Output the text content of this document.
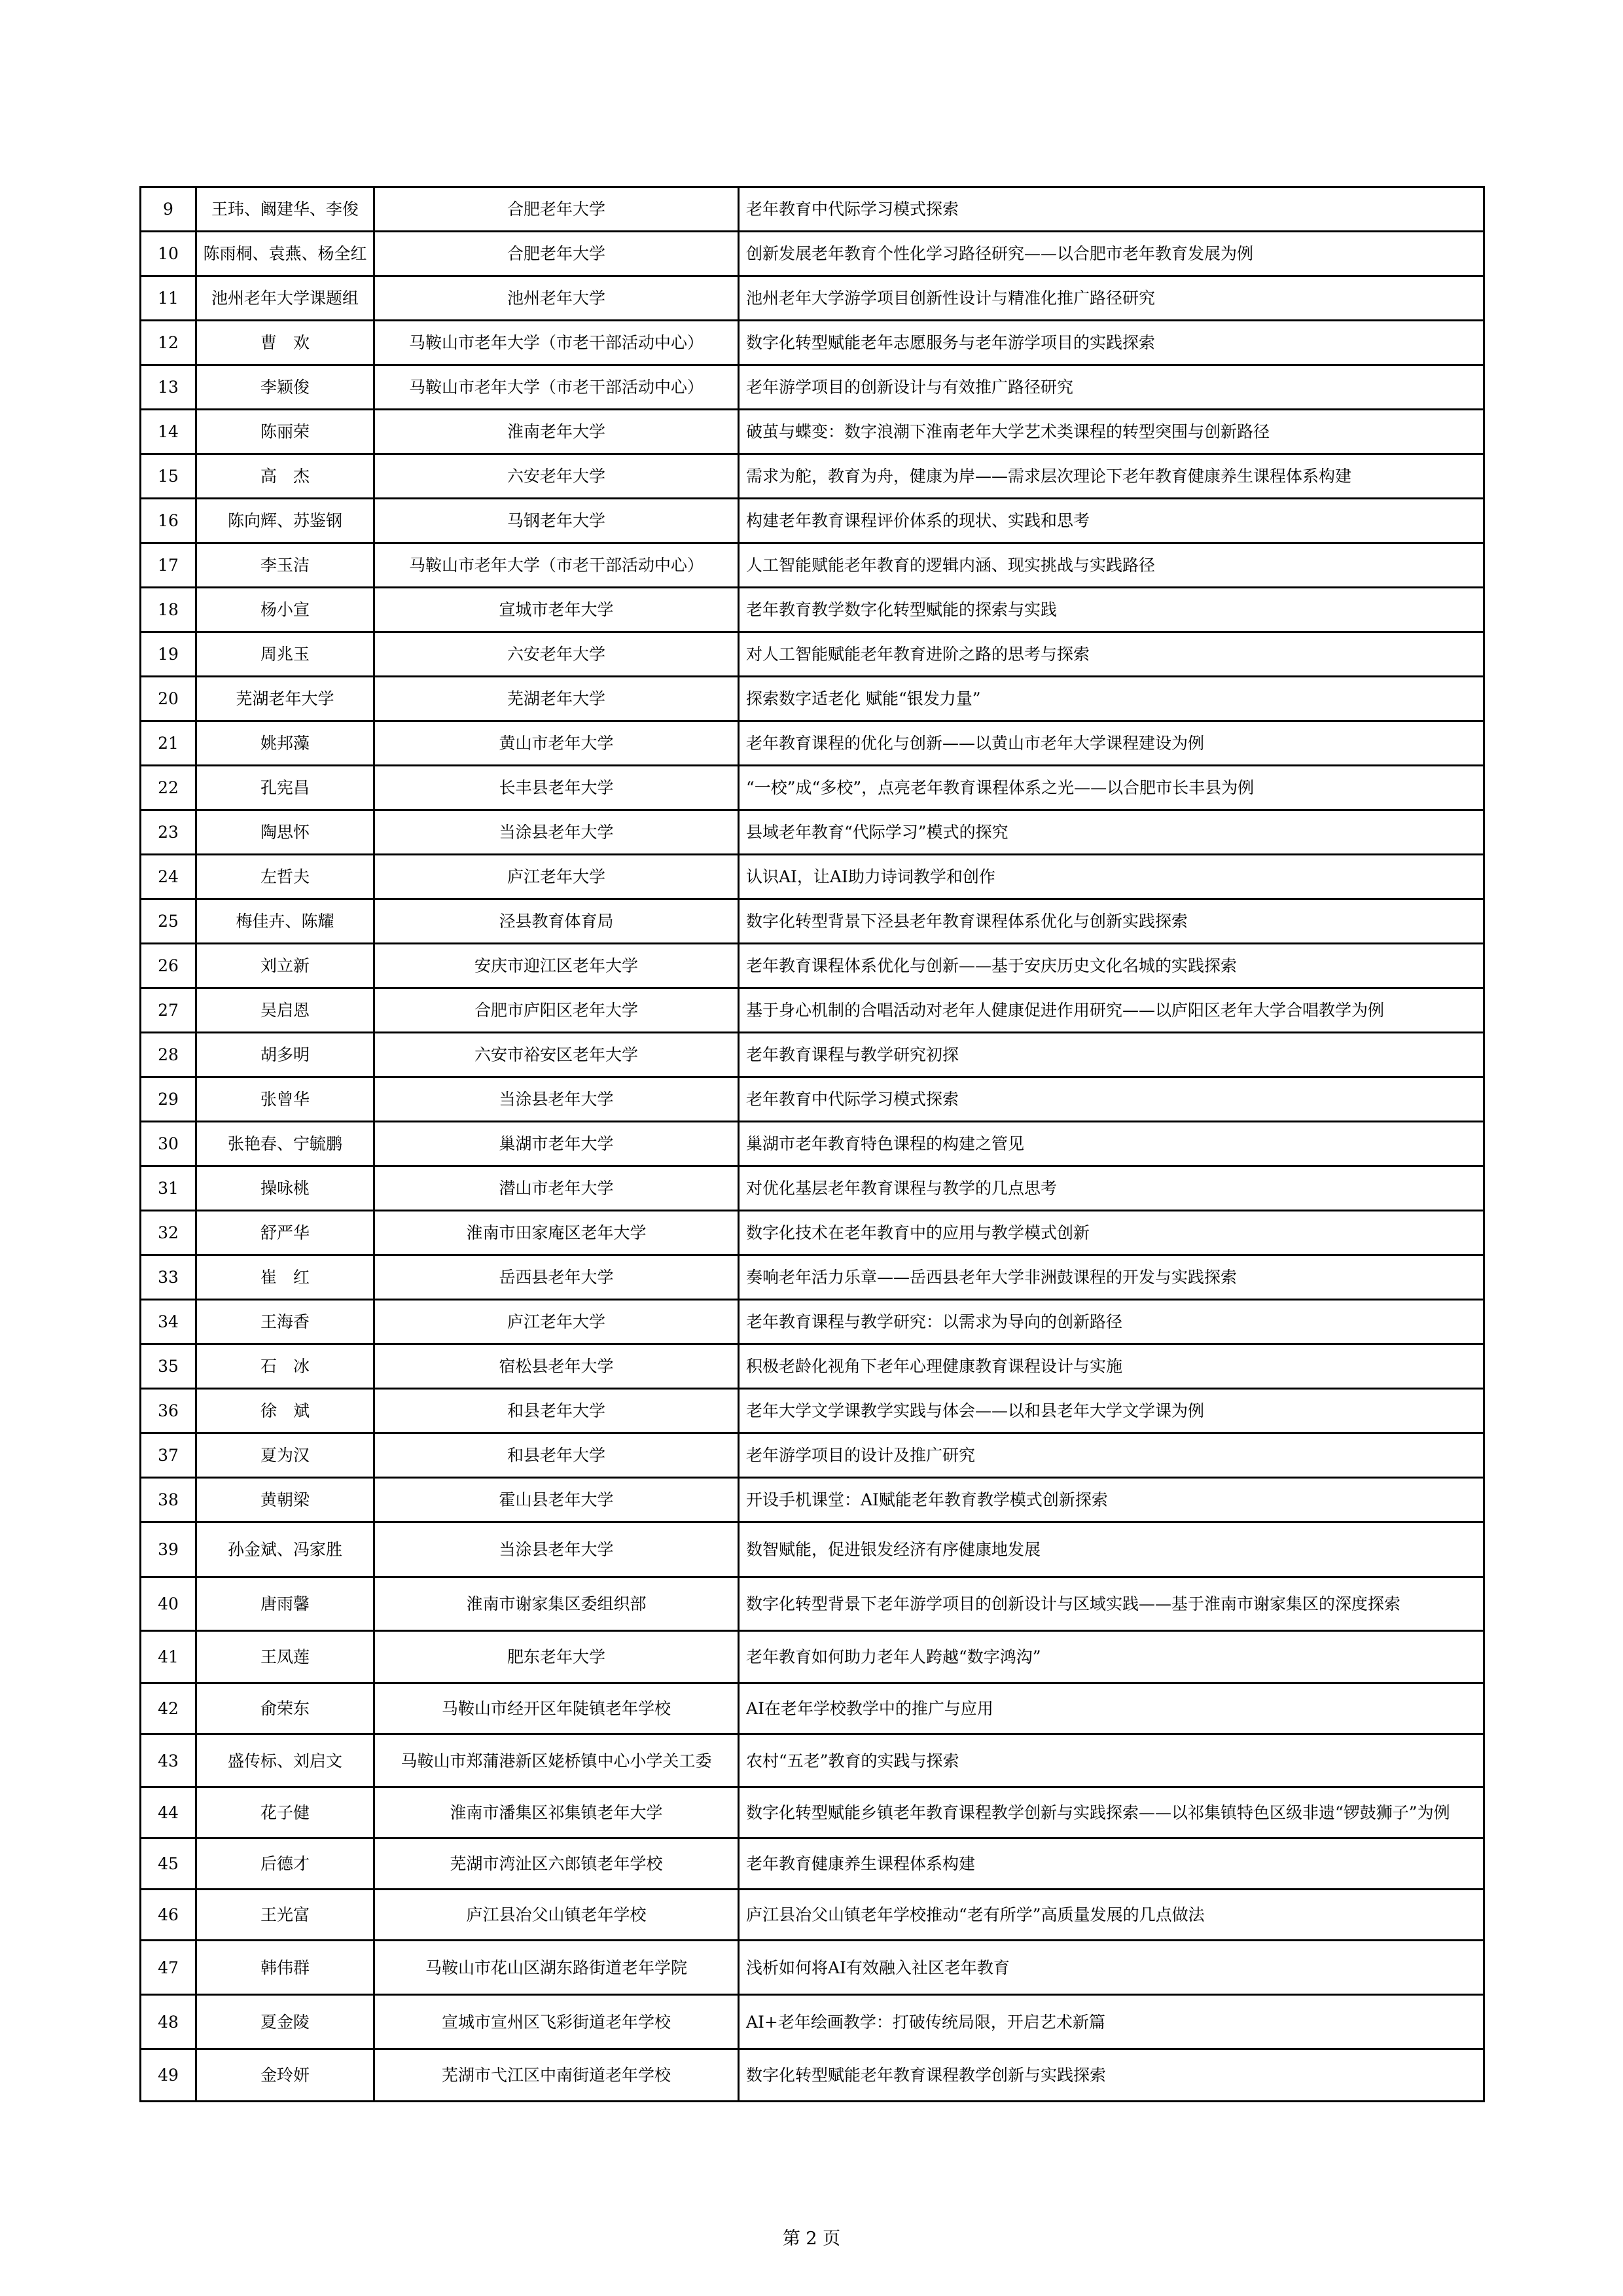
9	王玮、阚建华、李俊	合肥老年大学	老年教育中代际学习模式探索
10	陈雨桐、袁燕、杨全红	合肥老年大学	创新发展老年教育个性化学习路径研究——以合肥市老年教育发展为例
11	池州老年大学课题组	池州老年大学	池州老年大学游学项目创新性设计与精准化推广路径研究
12	曹　欢	马鞍山市老年大学（市老干部活动中心）	数字化转型赋能老年志愿服务与老年游学项目的实践探索
13	李颖俊	马鞍山市老年大学（市老干部活动中心）	老年游学项目的创新设计与有效推广路径研究
14	陈丽荣	淮南老年大学	破茧与蝶变：数字浪潮下淮南老年大学艺术类课程的转型突围与创新路径
15	高　杰	六安老年大学	需求为舵，教育为舟，健康为岸——需求层次理论下老年教育健康养生课程体系构建
16	陈向辉、苏鉴钢	马钢老年大学	构建老年教育课程评价体系的现状、实践和思考
17	李玉洁	马鞍山市老年大学（市老干部活动中心）	人工智能赋能老年教育的逻辑内涵、现实挑战与实践路径
18	杨小宣	宣城市老年大学	老年教育教学数字化转型赋能的探索与实践
19	周兆玉	六安老年大学	对人工智能赋能老年教育进阶之路的思考与探索
20	芜湖老年大学	芜湖老年大学	探索数字适老化 赋能“银发力量”
21	姚邦藻	黄山市老年大学	老年教育课程的优化与创新——以黄山市老年大学课程建设为例
22	孔宪昌	长丰县老年大学	“一校”成“多校”，点亮老年教育课程体系之光——以合肥市长丰县为例
23	陶思怀	当涂县老年大学	县域老年教育“代际学习”模式的探究
24	左哲夫	庐江老年大学	认识AI，让AI助力诗词教学和创作
25	梅佳卉、陈耀	泾县教育体育局	数字化转型背景下泾县老年教育课程体系优化与创新实践探索
26	刘立新	安庆市迎江区老年大学	老年教育课程体系优化与创新——基于安庆历史文化名城的实践探索
27	吴启恩	合肥市庐阳区老年大学	基于身心机制的合唱活动对老年人健康促进作用研究——以庐阳区老年大学合唱教学为例
28	胡多明	六安市裕安区老年大学	老年教育课程与教学研究初探
29	张曾华	当涂县老年大学	老年教育中代际学习模式探索
30	张艳春、宁毓鹏	巢湖市老年大学	巢湖市老年教育特色课程的构建之管见
31	操咏桃	潜山市老年大学	对优化基层老年教育课程与教学的几点思考
32	舒严华	淮南市田家庵区老年大学	数字化技术在老年教育中的应用与教学模式创新
33	崔　红	岳西县老年大学	奏响老年活力乐章——岳西县老年大学非洲鼓课程的开发与实践探索
34	王海香	庐江老年大学	老年教育课程与教学研究：以需求为导向的创新路径
35	石　冰	宿松县老年大学	积极老龄化视角下老年心理健康教育课程设计与实施
36	徐　斌	和县老年大学	老年大学文学课教学实践与体会——以和县老年大学文学课为例
37	夏为汉	和县老年大学	老年游学项目的设计及推广研究
38	黄朝梁	霍山县老年大学	开设手机课堂：AI赋能老年教育教学模式创新探索
39	孙金斌、冯家胜	当涂县老年大学	数智赋能，促进银发经济有序健康地发展
40	唐雨馨	淮南市谢家集区委组织部	数字化转型背景下老年游学项目的创新设计与区域实践——基于淮南市谢家集区的深度探索
41	王凤莲	肥东老年大学	老年教育如何助力老年人跨越“数字鸿沟”
42	俞荣东	马鞍山市经开区年陡镇老年学校	AI在老年学校教学中的推广与应用
43	盛传标、刘启文	马鞍山市郑蒲港新区姥桥镇中心小学关工委	农村“五老”教育的实践与探索
44	花子健	淮南市潘集区祁集镇老年大学	数字化转型赋能乡镇老年教育课程教学创新与实践探索——以祁集镇特色区级非遗“锣鼓狮子”为例
45	后德才	芜湖市湾沚区六郎镇老年学校	老年教育健康养生课程体系构建
46	王光富	庐江县冶父山镇老年学校	庐江县冶父山镇老年学校推动“老有所学”高质量发展的几点做法
47	韩伟群	马鞍山市花山区湖东路街道老年学院	浅析如何将AI有效融入社区老年教育
48	夏金陵	宣城市宣州区飞彩街道老年学校	AI+老年绘画教学：打破传统局限，开启艺术新篇
49	金玲妍	芜湖市弋江区中南街道老年学校	数字化转型赋能老年教育课程教学创新与实践探索
第 2 页
